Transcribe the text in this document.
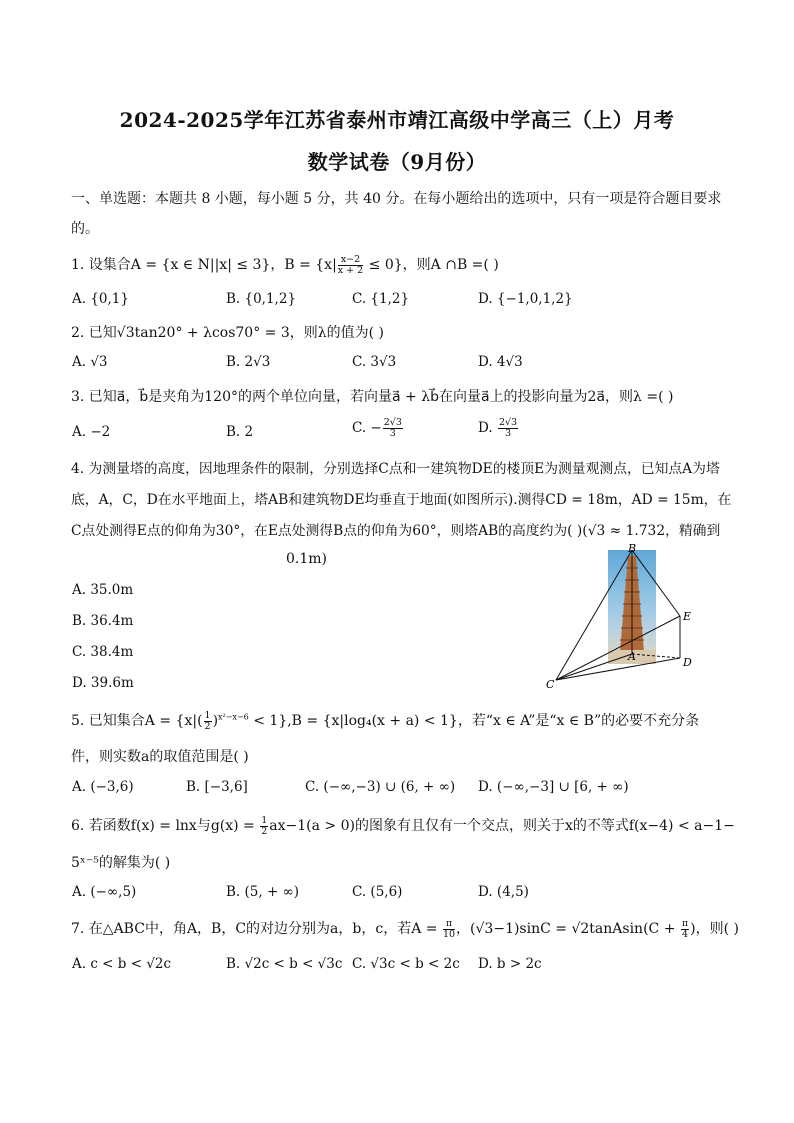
2024-2025学年江苏省泰州市靖江高级中学高三（上）月考
数学试卷（9月份）
一、单选题：本题共 8 小题，每小题 5 分，共 40 分。在每小题给出的选项中，只有一项是符合题目要求
的。
1. 设集合A = {x ∈ N||x| ≤ 3}，$B = \{x| \frac{x-2}{x + 2} \le 0\}$，则A ∩B =( )
A. {0,1}	B. {0,1,2}	C. {1,2}	D. {−1,0,1,2}
2. 已知√3tan20° + λcos70° = 3，则λ的值为( )
A. √3	B. 2√3	C. 3√3	D. 4√3
3. 已知a⃗，b⃗是夹角为120°的两个单位向量，若向量a⃗ + λb⃗在向量a⃗上的投影向量为2a⃗，则λ =( )
A. −2	B. 2	C. − $\frac{2√3}{3}$	D. $\frac{2√3}{3}$
4. 为测量塔的高度，因地理条件的限制，分别选择C点和一建筑物DE的楼顶E为测量观测点，已知点A为塔
底，A，C，D在水平地面上，塔AB和建筑物DE均垂直于地面(如图所示).测得CD = 18m，AD = 15m，在
C点处测得E点的仰角为30°，在E点处测得B点的仰角为60°，则塔AB的高度约为( )(√3 ≈ 1.732，精确到
0.1m)
A. 35.0m
B. 36.4m
C. 38.4m
D. 39.6m
B
E
A	D
C
5. 已知集合$A = \{x|( \frac{1}{2} )^{x^2-x-6} < 1\},B = \{x|\log_4(x + a) < 1\}$，若“x ∈ A”是“x ∈ B”的必要不充分条
件，则实数a的取值范围是( )
A. (−3,6)	B. [−3,6]	C. (−∞,−3) ∪ (6, + ∞) D. (−∞,−3] ∪ [6, + ∞)
6. 若函数f(x) = lnx与$g(x) = \frac{1}{2} ax-1(a > 0)$的图象有且仅有一个交点，则关于x的不等式f(x−4) < a−1−
5ˣ⁻⁵的解集为( )
A. (−∞,5)	B. (5, + ∞)	C. (5,6)	D. (4,5)
7. 在△ABC中，角A，B，C的对边分别为a，b，c，若$A = \frac{\pi}{10}$ ，(√3−1)sinC = √2tanAsin(C + $\frac{\pi}{4}$ )，则( )
A. c < b < √2c	B. √2c < b < √3c C. √3c < b < 2c D. b > 2c
